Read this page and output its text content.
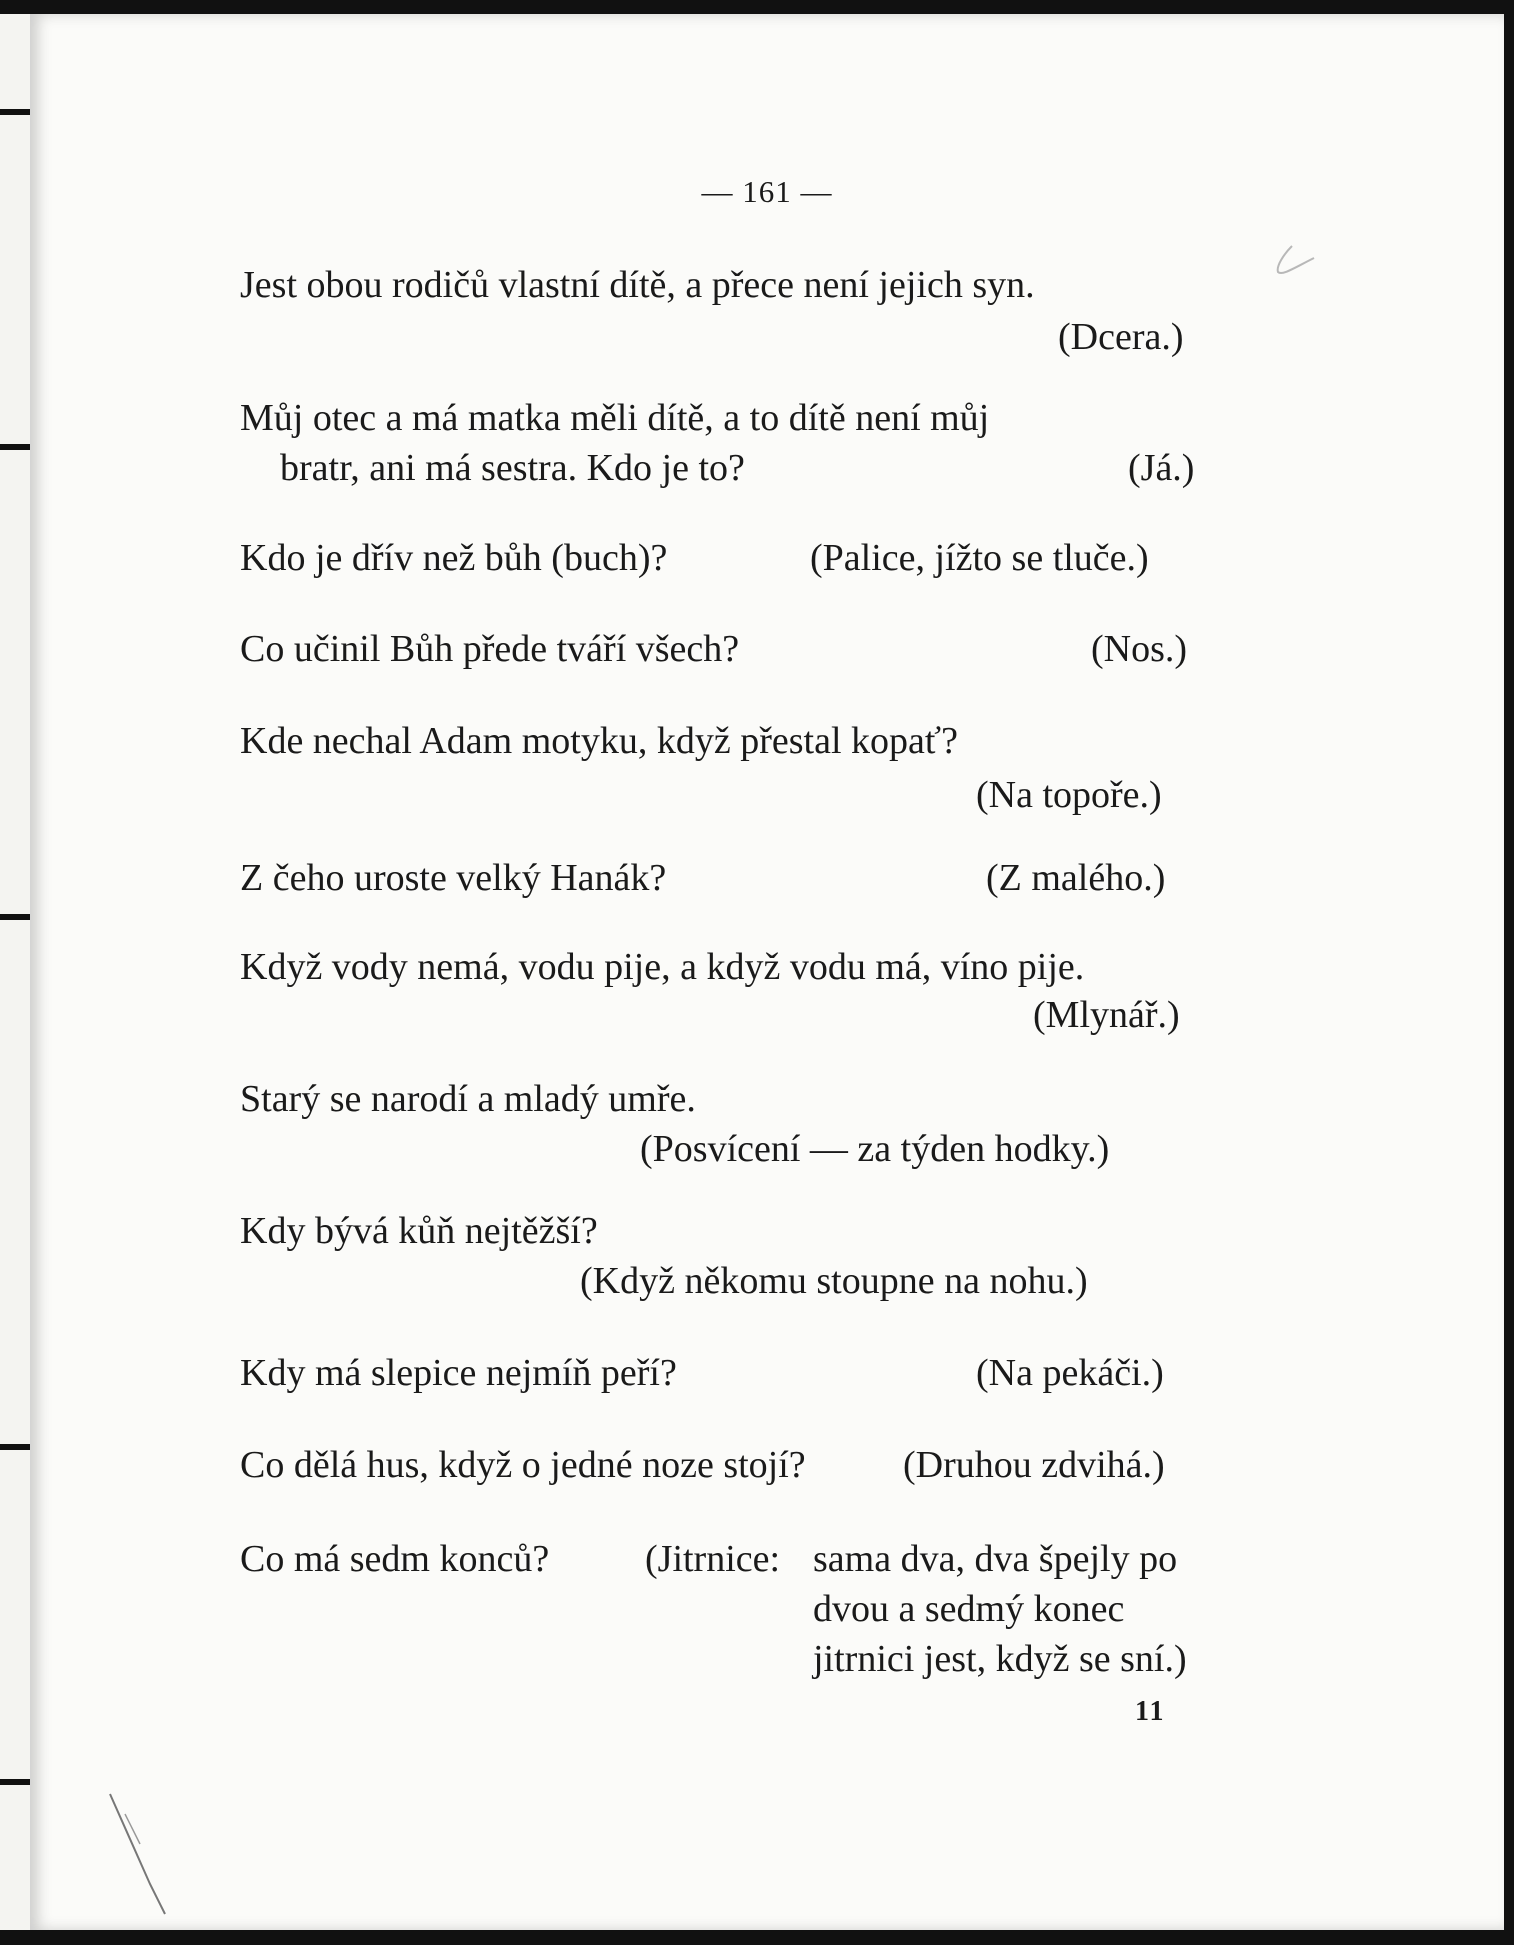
— 161 —
Jest obou rodičů vlastní dítě, a přece není jejich syn.
(Dcera.)
Můj otec a má matka měli dítě, a to dítě není můj
bratr, ani má sestra. Kdo je to?	(Já.)
Kdo je dřív než bůh (buch)?	(Palice, jížto se tluče.)
Co učinil Bůh přede tváří všech?	(Nos.)
Kde nechal Adam motyku, když přestal kopať?
(Na topoře.)
Z čeho uroste velký Hanák?	(Z malého.)
Když vody nemá, vodu pije, a když vodu má, víno pije.
(Mlynář.)
Starý se narodí a mladý umře.
(Posvícení — za týden hodky.)
Kdy bývá kůň nejtěžší?
(Když někomu stoupne na nohu.)
Kdy má slepice nejmíň peří?	(Na pekáči.)
Co dělá hus, když o jedné noze stojí?	(Druhou zdvihá.)
Co má sedm konců?	(Jitrnice: sama dva, dva špejly po
dvou a sedmý konec
jitrnici jest, když se sní.)
11
